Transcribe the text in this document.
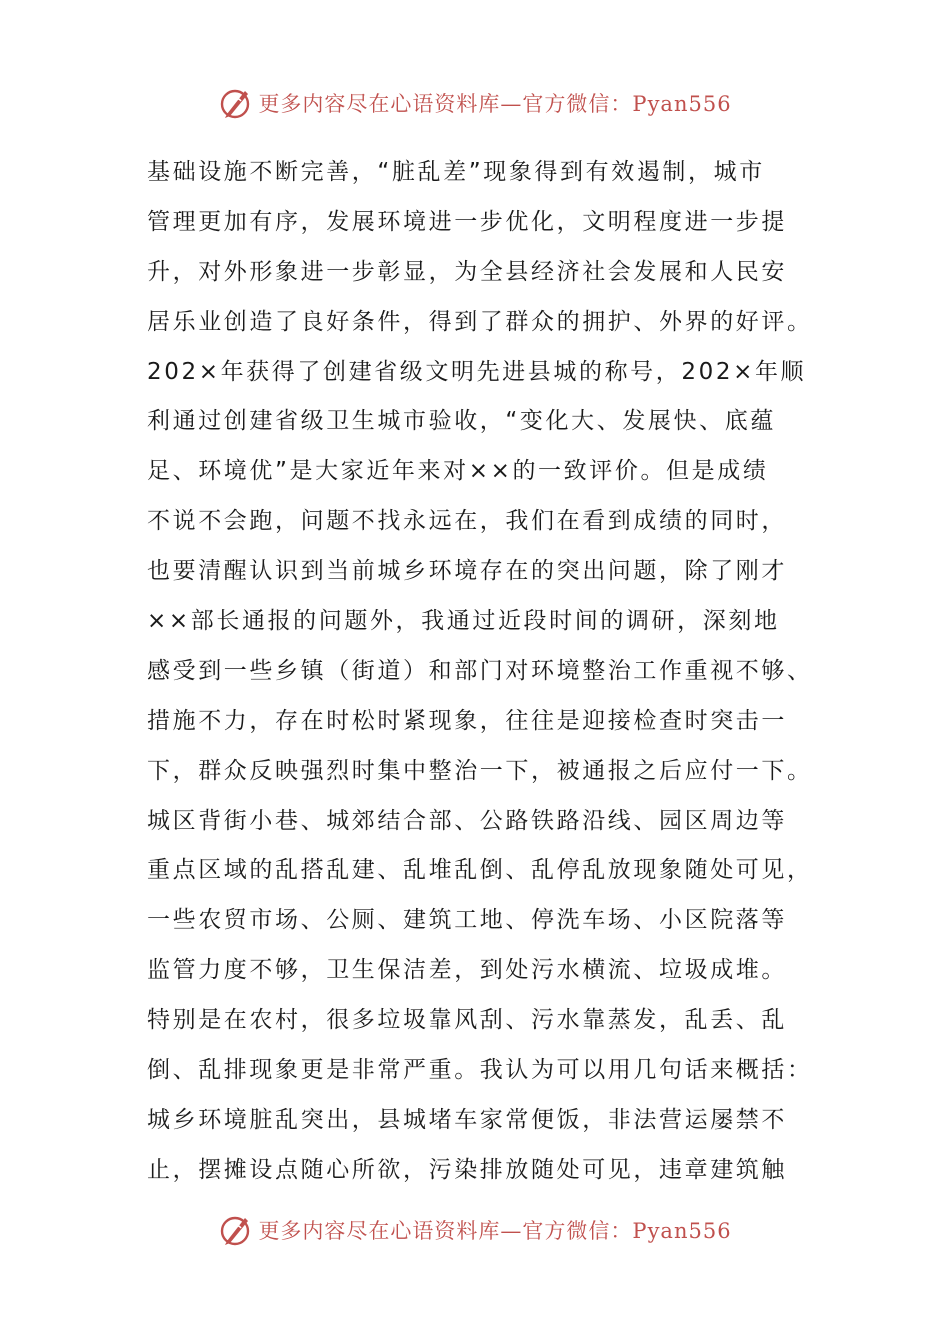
更多内容尽在心语资料库—官方微信：Pyan556
基础设施不断完善，“脏乱差”现象得到有效遏制，城市
管理更加有序，发展环境进一步优化，文明程度进一步提
升，对外形象进一步彰显，为全县经济社会发展和人民安
居乐业创造了良好条件，得到了群众的拥护、外界的好评。
202×年获得了创建省级文明先进县城的称号，202×年顺
利通过创建省级卫生城市验收，“变化大、发展快、底蕴
足、环境优”是大家近年来对××的一致评价。但是成绩
不说不会跑，问题不找永远在，我们在看到成绩的同时，
也要清醒认识到当前城乡环境存在的突出问题，除了刚才
××部长通报的问题外，我通过近段时间的调研，深刻地
感受到一些乡镇（街道）和部门对环境整治工作重视不够、
措施不力，存在时松时紧现象，往往是迎接检查时突击一
下，群众反映强烈时集中整治一下，被通报之后应付一下。
城区背街小巷、城郊结合部、公路铁路沿线、园区周边等
重点区域的乱搭乱建、乱堆乱倒、乱停乱放现象随处可见，
一些农贸市场、公厕、建筑工地、停洗车场、小区院落等
监管力度不够，卫生保洁差，到处污水横流、垃圾成堆。
特别是在农村，很多垃圾靠风刮、污水靠蒸发，乱丢、乱
倒、乱排现象更是非常严重。我认为可以用几句话来概括：
城乡环境脏乱突出，县城堵车家常便饭，非法营运屡禁不
止，摆摊设点随心所欲，污染排放随处可见，违章建筑触
更多内容尽在心语资料库—官方微信：Pyan556
